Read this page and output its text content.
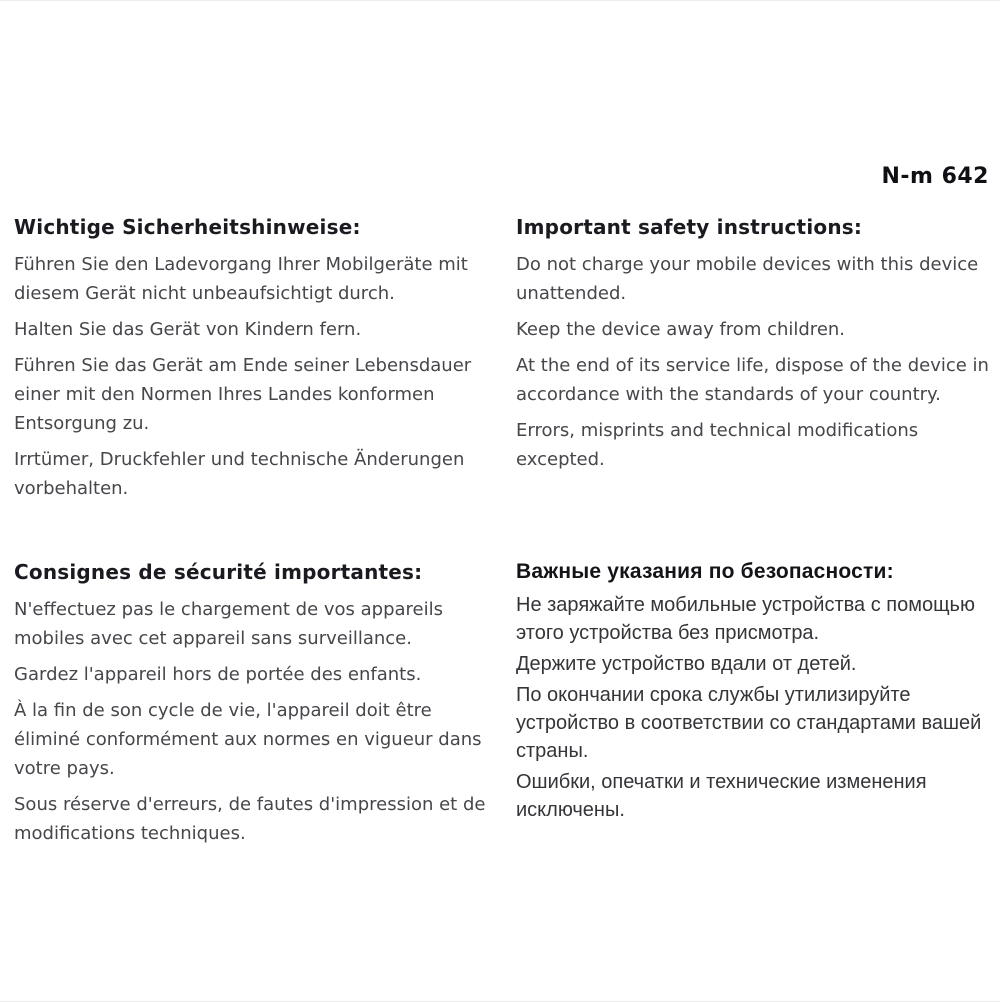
N-m 642
Wichtige Sicherheitshinweise:

Führen Sie den Ladevorgang Ihrer Mobilgeräte mit diesem Gerät nicht unbeaufsichtigt durch.

Halten Sie das Gerät von Kindern fern.

Führen Sie das Gerät am Ende seiner Lebensdauer einer mit den Normen Ihres Landes konformen Entsorgung zu.

Irrtümer, Druckfehler und technische Änderungen vorbehalten.

Important safety instructions:

Do not charge your mobile devices with this device unattended.

Keep the device away from children.

At the end of its service life, dispose of the device in accordance with the standards of your country.

Errors, misprints and technical modifications excepted.

Consignes de sécurité importantes:

N'effectuez pas le chargement de vos appareils mobiles avec cet appareil sans surveillance.

Gardez l'appareil hors de portée des enfants.

À la fin de son cycle de vie, l'appareil doit être éliminé conformément aux normes en vigueur dans votre pays.

Sous réserve d'erreurs, de fautes d'impression et de modifications techniques.

Важные указания по безопасности:

Не заряжайте мобильные устройства с помощью этого устройства без присмотра.

Держите устройство вдали от детей.

По окончании срока службы утилизируйте устройство в соответствии со стандартами вашей страны.

Ошибки, опечатки и технические изменения исключены.
